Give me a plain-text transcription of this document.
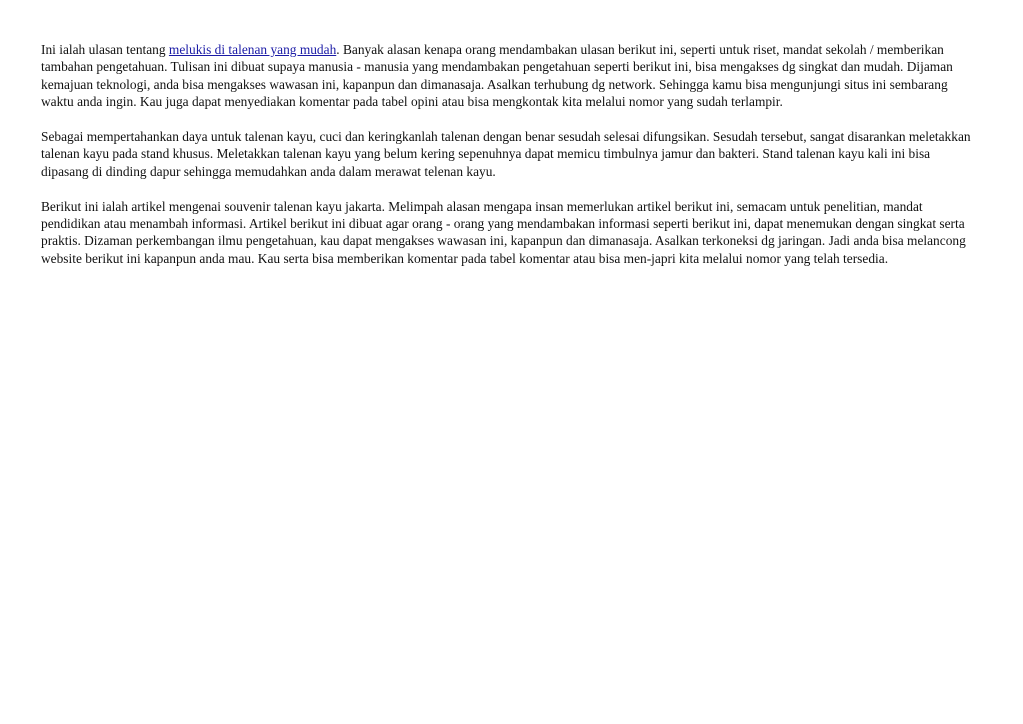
Ini ialah ulasan tentang melukis di talenan yang mudah. Banyak alasan kenapa orang mendambakan ulasan berikut ini, seperti untuk riset, mandat sekolah / memberikan tambahan pengetahuan. Tulisan ini dibuat supaya manusia - manusia yang mendambakan pengetahuan seperti berikut ini, bisa mengakses dg singkat dan mudah. Dijaman kemajuan teknologi, anda bisa mengakses wawasan ini, kapanpun dan dimanasaja. Asalkan terhubung dg network. Sehingga kamu bisa mengunjungi situs ini sembarang waktu anda ingin. Kau juga dapat menyediakan komentar pada tabel opini atau bisa mengkontak kita melalui nomor yang sudah terlampir.

Sebagai mempertahankan daya untuk talenan kayu, cuci dan keringkanlah talenan dengan benar sesudah selesai difungsikan. Sesudah tersebut, sangat disarankan meletakkan talenan kayu pada stand khusus. Meletakkan talenan kayu yang belum kering sepenuhnya dapat memicu timbulnya jamur dan bakteri. Stand talenan kayu kali ini bisa dipasang di dinding dapur sehingga memudahkan anda dalam merawat telenan kayu.

Berikut ini ialah artikel mengenai souvenir talenan kayu jakarta. Melimpah alasan mengapa insan memerlukan artikel berikut ini, semacam untuk penelitian, mandat pendidikan atau menambah informasi. Artikel berikut ini dibuat agar orang - orang yang mendambakan informasi seperti berikut ini, dapat menemukan dengan singkat serta praktis. Dizaman perkembangan ilmu pengetahuan, kau dapat mengakses wawasan ini, kapanpun dan dimanasaja. Asalkan terkoneksi dg jaringan. Jadi anda bisa melancong website berikut ini kapanpun anda mau. Kau serta bisa memberikan komentar pada tabel komentar atau bisa men-japri kita melalui nomor yang telah tersedia.
